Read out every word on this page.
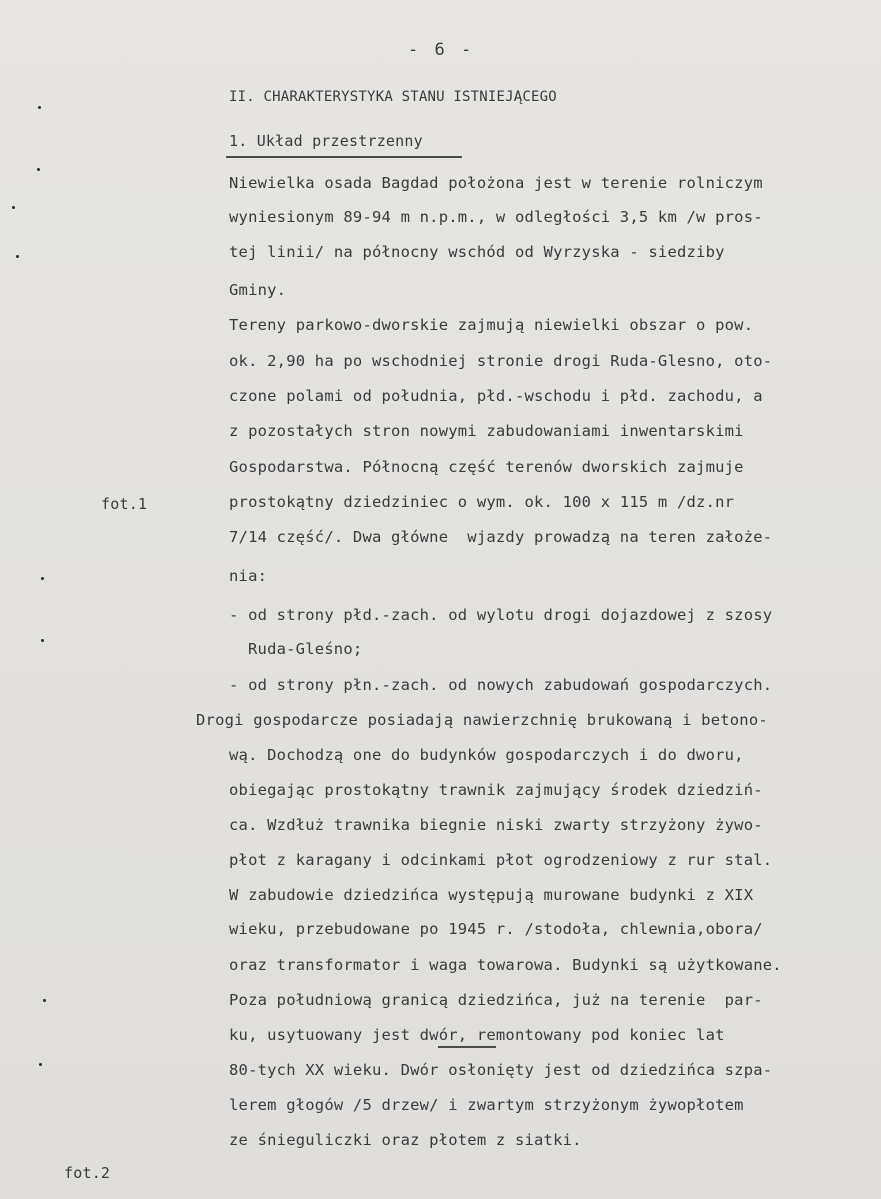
- 6 -
II. CHARAKTERYSTYKA STANU ISTNIEJĄCEGO
1. Układ przestrzenny
fot.1
fot.2
Niewielka osada Bagdad położona jest w terenie rolniczym
wyniesionym 89-94 m n.p.m., w odległości 3,5 km /w pros-
tej linii/ na północny wschód od Wyrzyska - siedziby
Gminy.
Tereny parkowo-dworskie zajmują niewielki obszar o pow.
ok. 2,90 ha po wschodniej stronie drogi Ruda-Glesno, oto-
czone polami od południa, płd.-wschodu i płd. zachodu, a
z pozostałych stron nowymi zabudowaniami inwentarskimi
Gospodarstwa. Północną część terenów dworskich zajmuje
prostokątny dziedziniec o wym. ok. 100 x 115 m /dz.nr
7/14 część/. Dwa główne  wjazdy prowadzą na teren założe-
nia:
- od strony płd.-zach. od wylotu drogi dojazdowej z szosy
Ruda-Gleśno;
- od strony płn.-zach. od nowych zabudowań gospodarczych.
Drogi gospodarcze posiadają nawierzchnię brukowaną i betono-
wą. Dochodzą one do budynków gospodarczych i do dworu,
obiegając prostokątny trawnik zajmujący środek dziedziń-
ca. Wzdłuż trawnika biegnie niski zwarty strzyżony żywo-
płot z karagany i odcinkami płot ogrodzeniowy z rur stal.
W zabudowie dziedzińca występują murowane budynki z XIX
wieku, przebudowane po 1945 r. /stodoła, chlewnia,obora/
oraz transformator i waga towarowa. Budynki są użytkowane.
Poza południową granicą dziedzińca, już na terenie  par-
ku, usytuowany jest dwór, remontowany pod koniec lat
80-tych XX wieku. Dwór osłonięty jest od dziedzińca szpa-
lerem głogów /5 drzew/ i zwartym strzyżonym żywopłotem
ze śnieguliczki oraz płotem z siatki.
